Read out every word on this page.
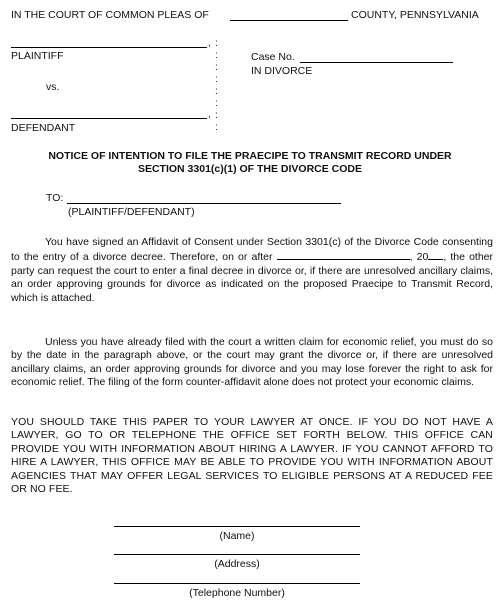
IN THE COURT OF COMMON PLEAS OF	COUNTY, PENNSYLVANIA
,
PLAINTIFF
vs.
,
DEFENDANT
:
:
:
:
:
:
:
:
Case No.
IN DIVORCE
NOTICE OF INTENTION TO FILE THE PRAECIPE TO TRANSMIT RECORD UNDER
SECTION 3301(c)(1) OF THE DIVORCE CODE
TO:
(PLAINTIFF/DEFENDANT)
You have signed an Affidavit of Consent under Section 3301(c) of the Divorce Code consenting to the entry of a divorce decree. Therefore, on or after	, 20 , the other party can request the court to enter a final decree in divorce or, if there are unresolved ancillary claims, an order approving grounds for divorce as indicated on the proposed Praecipe to Transmit Record, which is attached.
Unless you have already filed with the court a written claim for economic relief, you must do so by the date in the paragraph above, or the court may grant the divorce or, if there are unresolved ancillary claims, an order approving grounds for divorce and you may lose forever the right to ask for economic relief. The filing of the form counter-affidavit alone does not protect your economic claims.
YOU SHOULD TAKE THIS PAPER TO YOUR LAWYER AT ONCE. IF YOU DO NOT HAVE A LAWYER, GO TO OR TELEPHONE THE OFFICE SET FORTH BELOW. THIS OFFICE CAN PROVIDE YOU WITH INFORMATION ABOUT HIRING A LAWYER. IF YOU CANNOT AFFORD TO HIRE A LAWYER, THIS OFFICE MAY BE ABLE TO PROVIDE YOU WITH INFORMATION ABOUT AGENCIES THAT MAY OFFER LEGAL SERVICES TO ELIGIBLE PERSONS AT A REDUCED FEE OR NO FEE.
(Name)
(Address)
(Telephone Number)
